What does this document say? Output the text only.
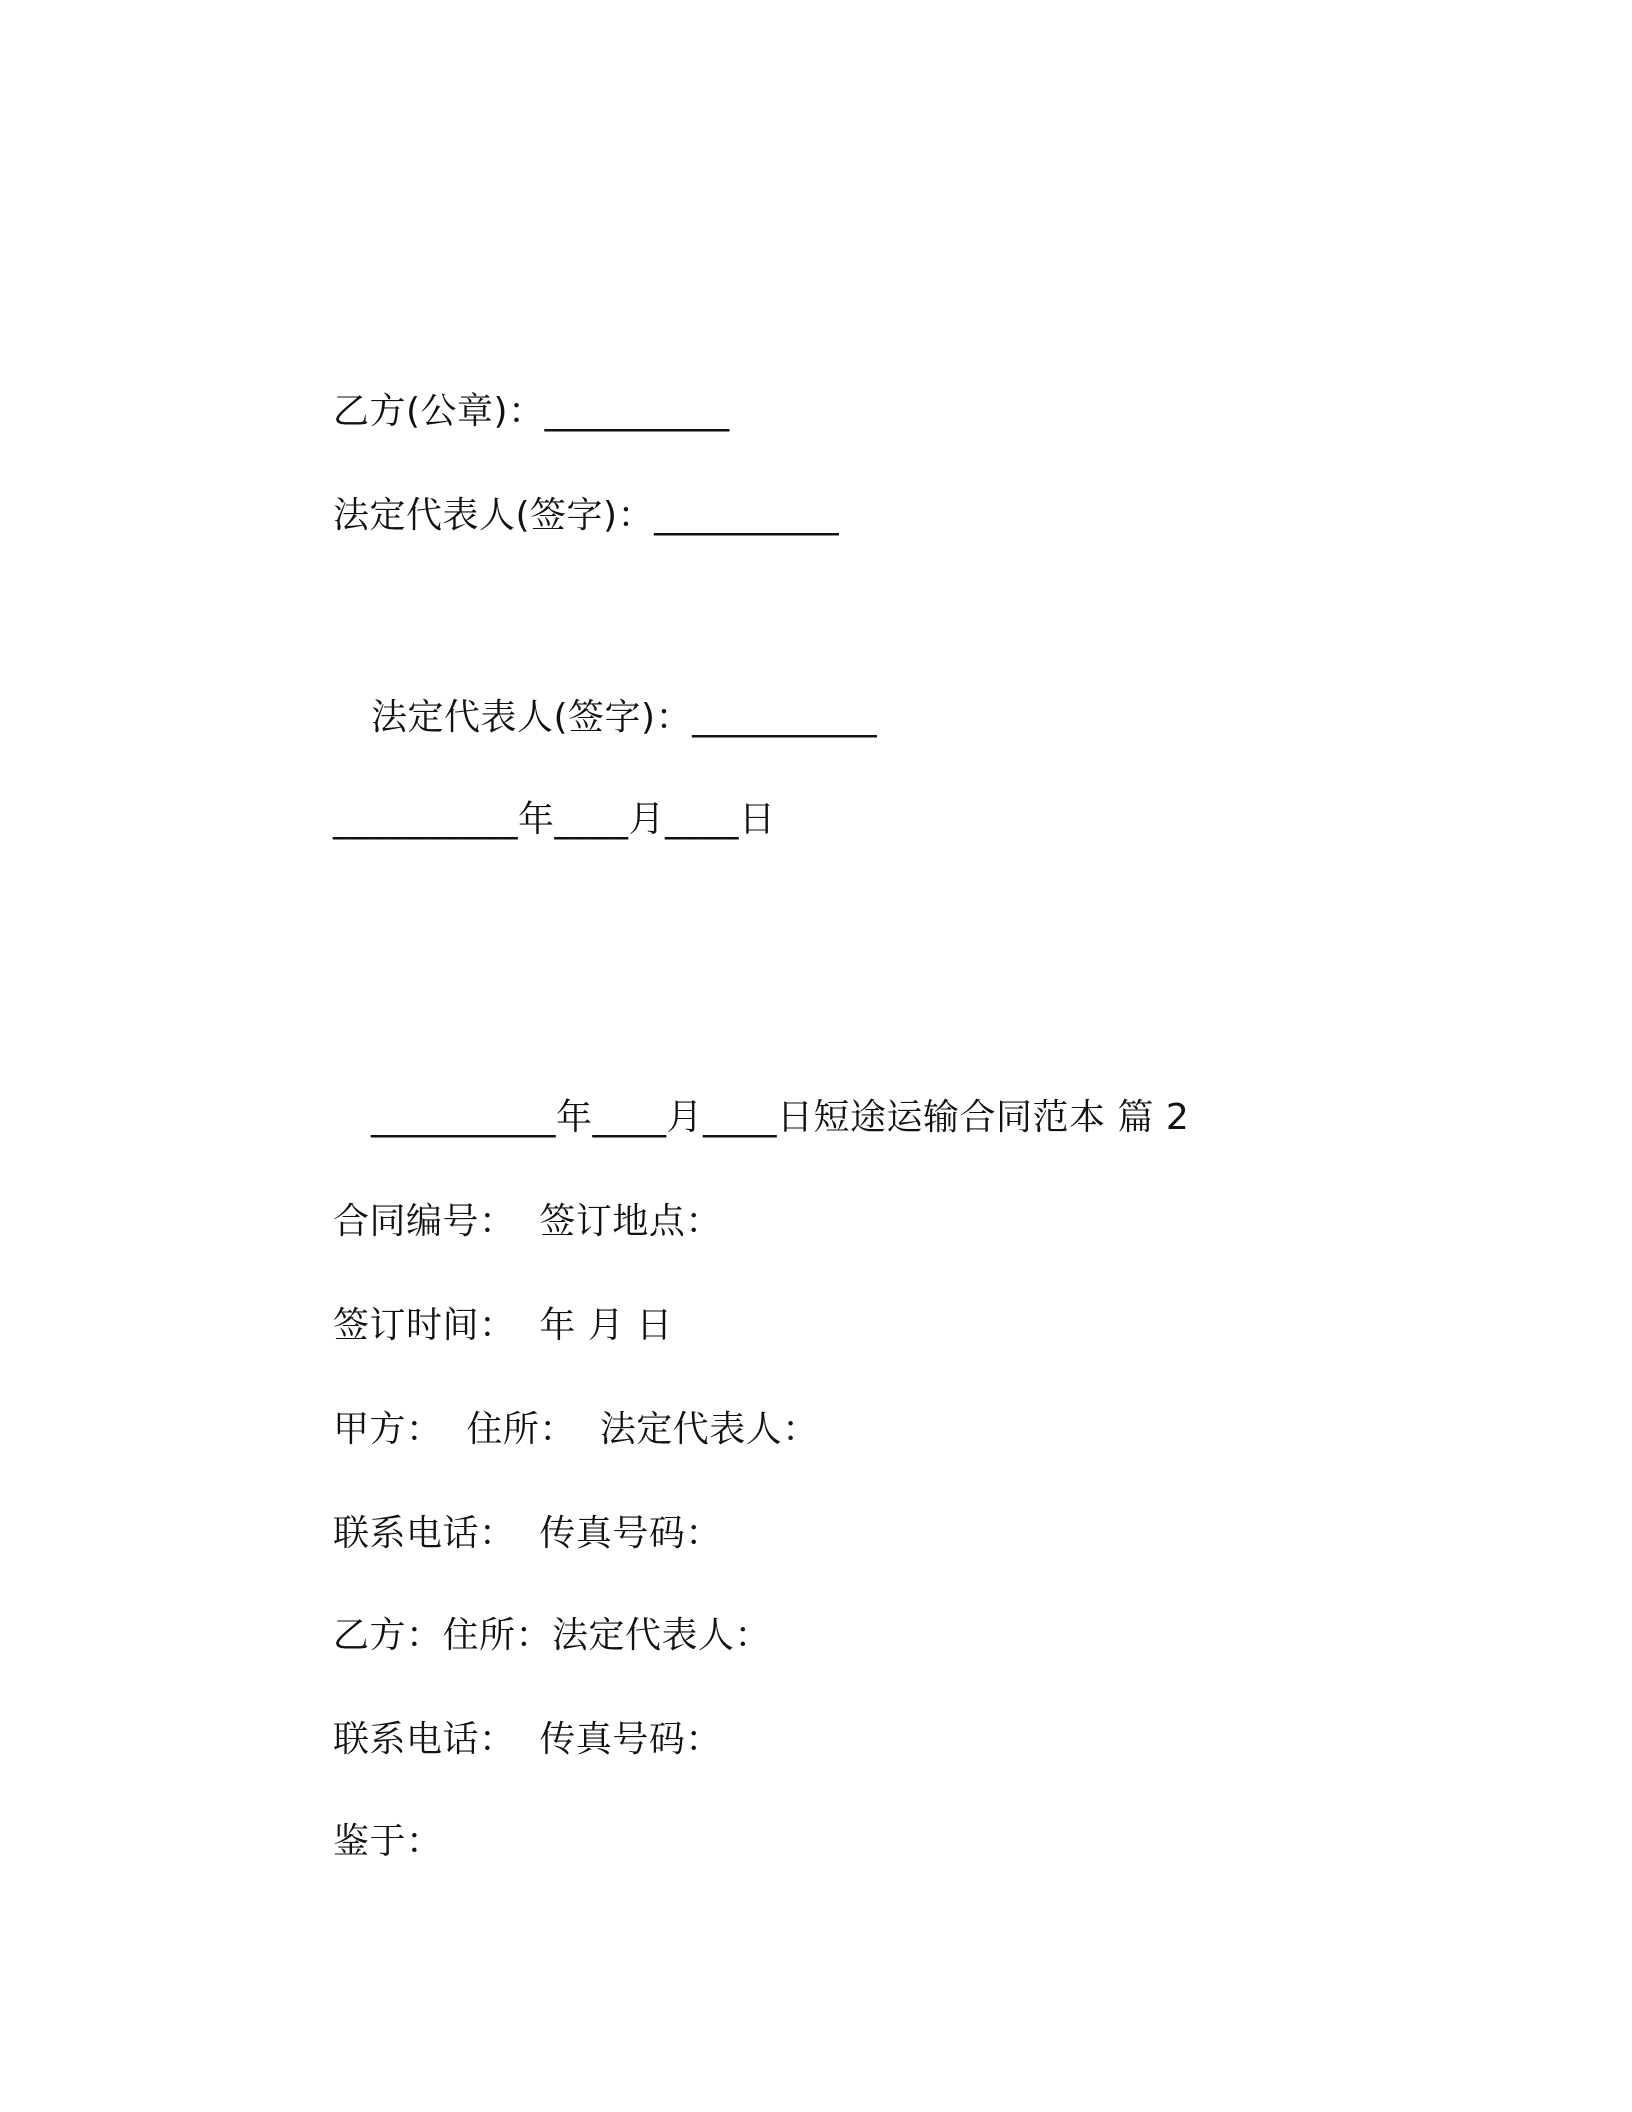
乙方(公章)：__________
法定代表人(签字)：__________
法定代表人(签字)：__________
__________年____月____日
__________年____月____日短途运输合同范本 篇 2
合同编号：  签订地点：
签订时间：  年 月 日
甲方：  住所：  法定代表人：
联系电话：  传真号码：
乙方：住所：法定代表人：
联系电话：  传真号码：
鉴于：
